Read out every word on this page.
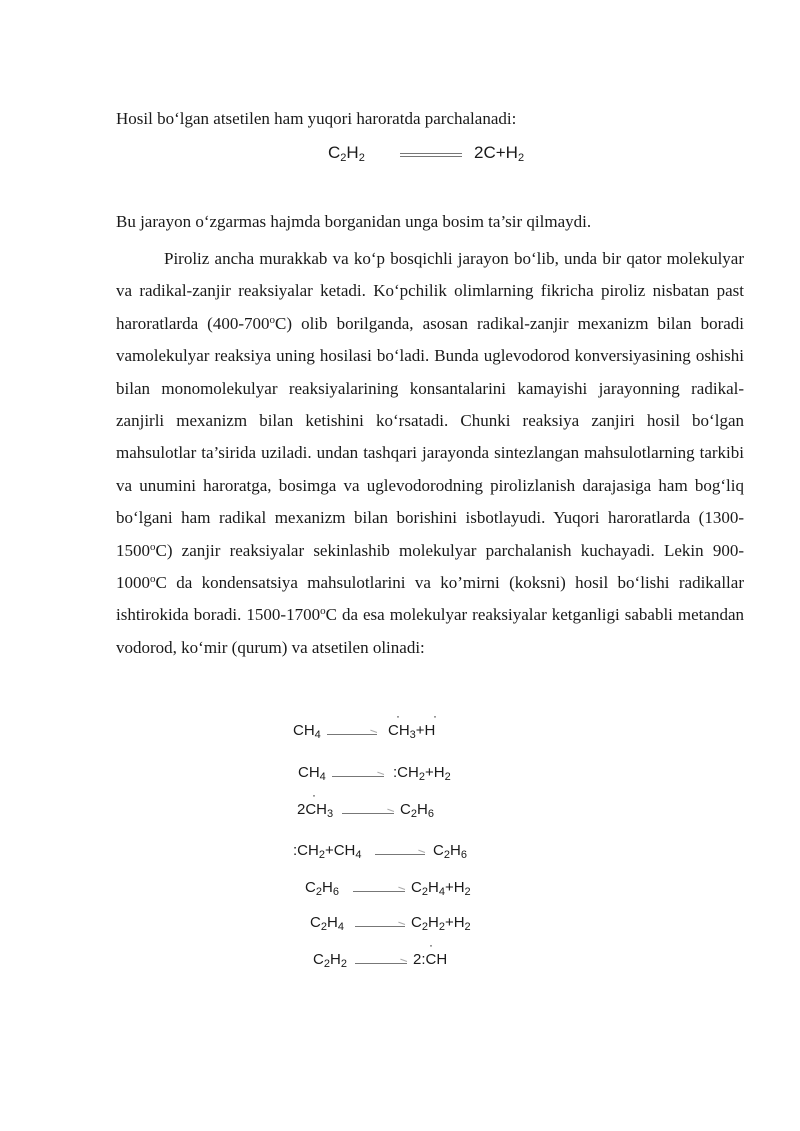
Hosil bo‘lgan atsetilen ham yuqori haroratda parchalanadi:
$C_2H_2$	$2C+H_2$
Bu jarayon o‘zgarmas hajmda borganidan unga bosim ta’sir qilmaydi.

Piroliz ancha murakkab va ko‘p bosqichli jarayon bo‘lib, unda bir qator molekulyar va radikal-zanjir reaksiyalar ketadi. Ko‘pchilik olimlarning fikricha piroliz nisbatan past haroratlarda (400-700$^o$C) olib borilganda, asosan radikal-zanjir mexanizm bilan boradi vamolekulyar reaksiya uning hosilasi bo‘ladi. Bunda uglevodorod konversiyasining oshishi bilan monomolekulyar reaksiyalarining konsantalarini kamayishi jarayonning radikal-zanjirli mexanizm bilan ketishini ko‘rsatadi. Chunki reaksiya zanjiri hosil bo‘lgan mahsulotlar ta’sirida uziladi. undan tashqari jarayonda sintezlangan mahsulotlarning tarkibi va unumini haroratga, bosimga va uglevodorodning pirolizlanish darajasiga ham bog‘liq bo‘lgani ham radikal mexanizm bilan borishini isbotlayudi. Yuqori haroratlarda (1300-1500$^o$C) zanjir reaksiyalar sekinlashib molekulyar parchalanish kuchayadi. Lekin 900-1000$^o$C da kondensatsiya mahsulotlarini va ko’mirni (koksni) hosil bo‘lishi radikallar ishtirokida boradi. 1500-1700$^o$C da esa molekulyar reaksiyalar ketganligi sababli metandan vodorod, ko‘mir (qurum) va atsetilen olinadi:

$CH_4$	$CH_3+H$
·	·
$CH_4$	$:CH_2+H_2$
$2CH_3$	$C_2H_6$
·
$:CH_2+CH_4$	$C_2H_6$
$C_2H_6$	$C_2H_4+H_2$
$C_2H_4$	$C_2H_2+H_2$
$C_2H_2$	2:CH
·
